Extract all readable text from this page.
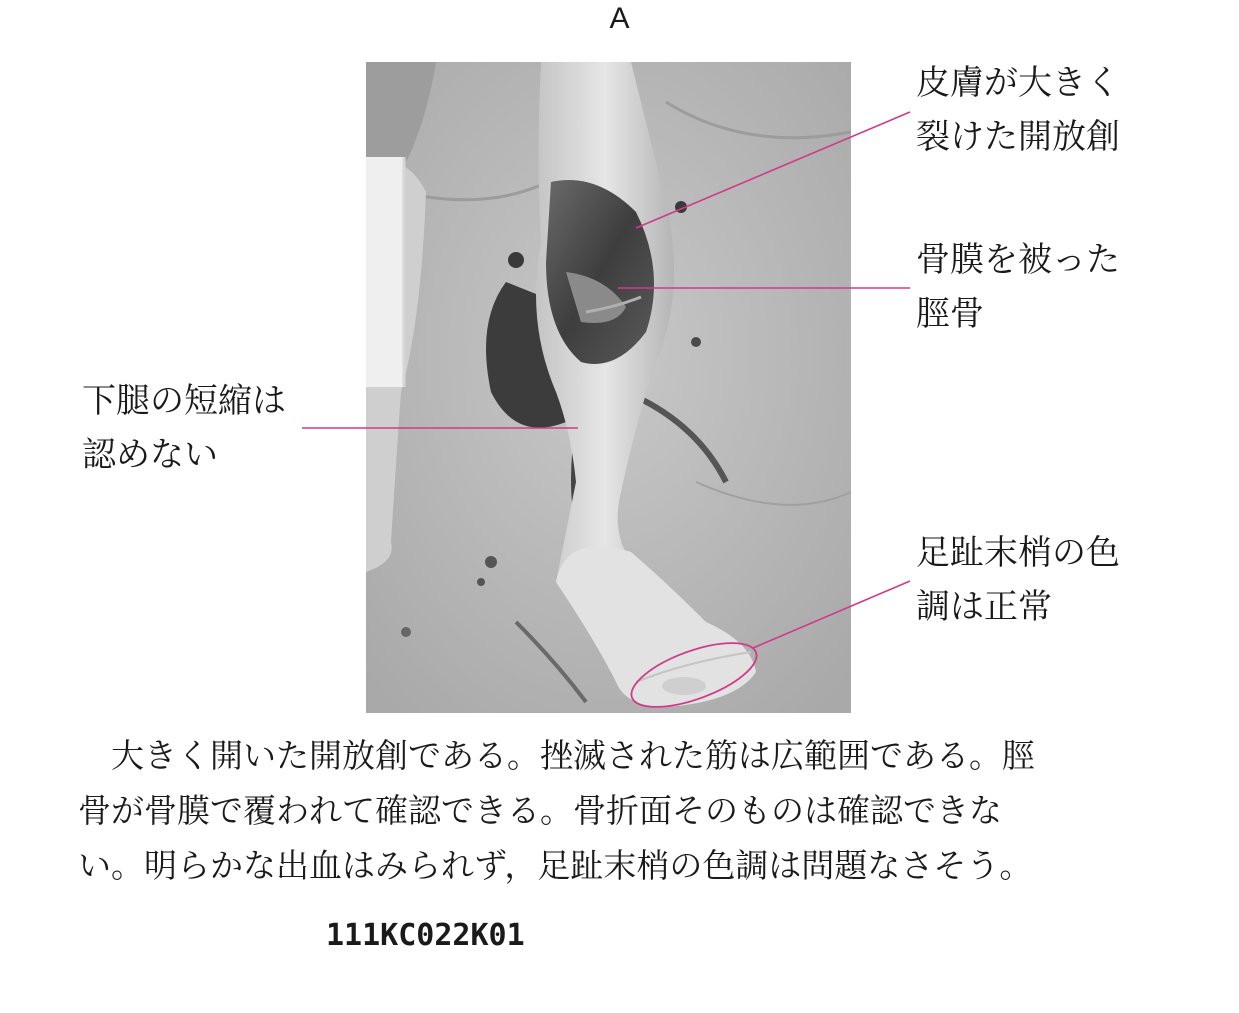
A
皮膚が大きく
裂けた開放創
骨膜を被った
脛骨
下腿の短縮は
認めない
足趾末梢の色
調は正常
　大きく開いた開放創である。挫滅された筋は広範囲である。脛
骨が骨膜で覆われて確認できる。骨折面そのものは確認できな
い。明らかな出血はみられず，足趾末梢の色調は問題なさそう。
111KC022K01
